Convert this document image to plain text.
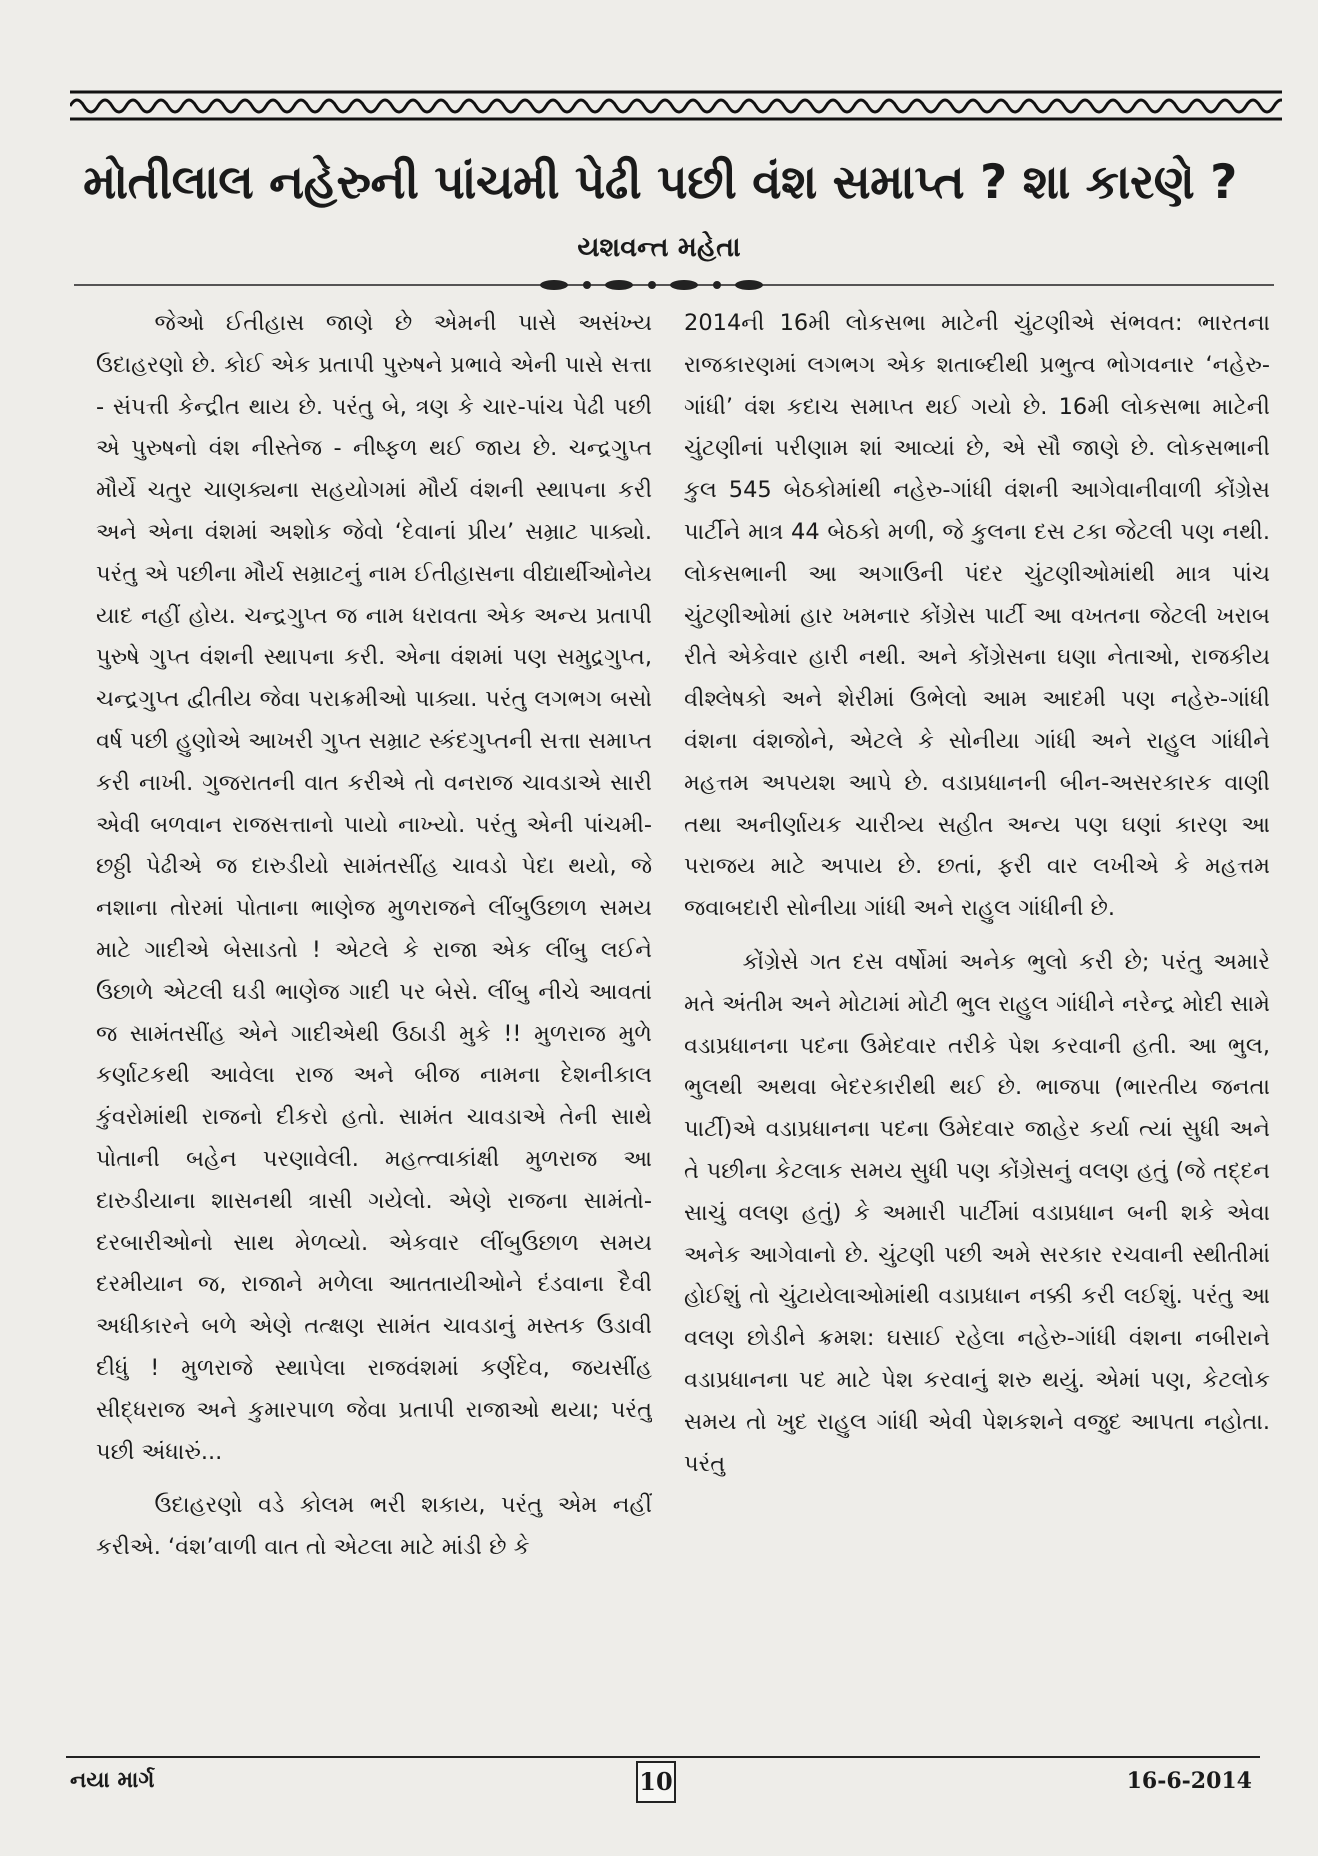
મોતીલાલ નહેરુની પાંચમી પેઢી પછી વંશ સમાપ્ત ? શા કારણે ?
યશવન્ત મહેતા

જેઓ ઈતીહાસ જાણે છે એમની પાસે અસંખ્ય ઉદાહરણો છે. કોઈ એક પ્રતાપી પુરુષને પ્રભાવે એની પાસે સત્તા - સંપત્તી કેન્દ્રીત થાય છે. પરંતુ બે, ત્રણ કે ચાર-પાંચ પેઢી પછી એ પુરુષનો વંશ નીસ્તેજ - નીષ્ફળ થઈ જાય છે. ચન્દ્રગુપ્ત મૌર્યે ચતુર ચાણક્યના સહયોગમાં મૌર્ય વંશની સ્થાપના કરી અને એના વંશમાં અશોક જેવો ‘દેવાનાં પ્રીય’ સમ્રાટ પાક્યો. પરંતુ એ પછીના મૌર્ય સમ્રાટનું નામ ઈતીહાસના વીદ્યાર્થીઓનેય યાદ નહીં હોય. ચન્દ્રગુપ્ત જ નામ ધરાવતા એક અન્ય પ્રતાપી પુરુષે ગુપ્ત વંશની સ્થાપના કરી. એના વંશમાં પણ સમુદ્રગુપ્ત, ચન્દ્રગુપ્ત દ્વીતીય જેવા પરાક્રમીઓ પાક્યા. પરંતુ લગભગ બસો વર્ષ પછી હુણોએ આખરી ગુપ્ત સમ્રાટ સ્કંદગુપ્તની સત્તા સમાપ્ત કરી નાખી. ગુજરાતની વાત કરીએ તો વનરાજ ચાવડાએ સારી એવી બળવાન રાજસત્તાનો પાયો નાખ્યો. પરંતુ એની પાંચમી-છઠ્ઠી પેઢીએ જ દારુડીયો સામંતસીંહ ચાવડો પેદા થયો, જે નશાના તોરમાં પોતાના ભાણેજ મુળરાજને લીંબુઉછાળ સમય માટે ગાદીએ બેસાડતો ! એટલે કે રાજા એક લીંબુ લઈને ઉછાળે એટલી ઘડી ભાણેજ ગાદી પર બેસે. લીંબુ નીચે આવતાં જ સામંતસીંહ એને ગાદીએથી ઉઠાડી મુકે !! મુળરાજ મુળે કર્ણાટકથી આવેલા રાજ અને બીજ નામના દેશનીકાલ કુંવરોમાંથી રાજનો દીકરો હતો. સામંત ચાવડાએ તેની સાથે પોતાની બહેન પરણાવેલી. મહત્ત્વાકાંક્ષી મુળરાજ આ દારુડીયાના શાસનથી ત્રાસી ગયેલો. એણે રાજના સામંતો-દરબારીઓનો સાથ મેળવ્યો. એકવાર લીંબુઉછાળ સમય દરમીયાન જ, રાજાને મળેલા આતતાયીઓને દંડવાના દૈવી અધીકારને બળે એણે તત્ક્ષણ સામંત ચાવડાનું મસ્તક ઉડાવી દીધું ! મુળરાજે સ્થાપેલા રાજવંશમાં કર્ણદેવ, જયસીંહ સીદ્ધરાજ અને કુમારપાળ જેવા પ્રતાપી રાજાઓ થયા; પરંતુ પછી અંધારું...

ઉદાહરણો વડે કોલમ ભરી શકાય, પરંતુ એમ નહીં કરીએ. ‘વંશ’વાળી વાત તો એટલા માટે માંડી છે કે

2014ની 16મી લોકસભા માટેની ચુંટણીએ સંભવત: ભારતના રાજકારણમાં લગભગ એક શતાબ્દીથી પ્રભુત્વ ભોગવનાર ‘નહેરુ-ગાંધી’ વંશ કદાચ સમાપ્ત થઈ ગયો છે. 16મી લોકસભા માટેની ચુંટણીનાં પરીણામ શાં આવ્યાં છે, એ સૌ જાણે છે. લોકસભાની કુલ 545 બેઠકોમાંથી નહેરુ-ગાંધી વંશની આગેવાનીવાળી કોંગ્રેસ પાર્ટીને માત્ર 44 બેઠકો મળી, જે કુલના દસ ટકા જેટલી પણ નથી. લોકસભાની આ અગાઉની પંદર ચુંટણીઓમાંથી માત્ર પાંચ ચુંટણીઓમાં હાર ખમનાર કોંગ્રેસ પાર્ટી આ વખતના જેટલી ખરાબ રીતે એકેવાર હારી નથી. અને કોંગ્રેસના ઘણા નેતાઓ, રાજકીય વીશ્લેષકો અને શેરીમાં ઉભેલો આમ આદમી પણ નહેરુ-ગાંધી વંશના વંશજોને, એટલે કે સોનીયા ગાંધી અને રાહુલ ગાંધીને મહત્તમ અપયશ આપે છે. વડાપ્રધાનની બીન-અસરકારક વાણી તથા અનીર્ણાયક ચારીત્ર્ય સહીત અન્ય પણ ઘણાં કારણ આ પરાજય માટે અપાય છે. છતાં, ફરી વાર લખીએ કે મહત્તમ જવાબદારી સોનીયા ગાંધી અને રાહુલ ગાંધીની છે.

કોંગ્રેસે ગત દસ વર્ષોમાં અનેક ભુલો કરી છે; પરંતુ અમારે મતે અંતીમ અને મોટામાં મોટી ભુલ રાહુલ ગાંધીને નરેન્દ્ર મોદી સામે વડાપ્રધાનના પદના ઉમેદવાર તરીકે પેશ કરવાની હતી. આ ભુલ, ભુલથી અથવા બેદરકારીથી થઈ છે. ભાજપા (ભારતીય જનતા પાર્ટી)એ વડાપ્રધાનના પદના ઉમેદવાર જાહેર કર્યા ત્યાં સુધી અને તે પછીના કેટલાક સમય સુધી પણ કોંગ્રેસનું વલણ હતું (જે તદ્દન સાચું વલણ હતું) કે અમારી પાર્ટીમાં વડાપ્રધાન બની શકે એવા અનેક આગેવાનો છે. ચુંટણી પછી અમે સરકાર રચવાની સ્થીતીમાં હોઈશું તો ચુંટાયેલાઓમાંથી વડાપ્રધાન નક્કી કરી લઈશું. પરંતુ આ વલણ છોડીને ક્રમશ: ઘસાઈ રહેલા નહેરુ-ગાંધી વંશના નબીરાને વડાપ્રધાનના પદ માટે પેશ કરવાનું શરુ થયું. એમાં પણ, કેટલોક સમય તો ખુદ રાહુલ ગાંધી એવી પેશકશને વજુદ આપતા નહોતા. પરંતુ

નયા માર્ગ	10	16-6-2014
